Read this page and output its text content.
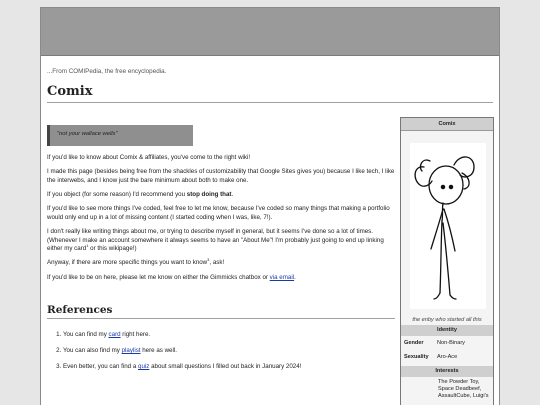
...From COMIPedia, the free encyclopedia.
Comix
"not your wallace wells"

If you'd like to know about Comix & affiliates, you've come to the right wiki!

I made this page (besides being free from the shackles of customizability that Google Sites gives you) because I like tech, I like the interwebs, and I know just the bare minimum about both to make one.

If you object (for some reason) I'd recommend you stop doing that.

If you'd like to see more things I've coded, feel free to let me know, because I've coded so many things that making a portfolio would only end up in a lot of missing content (I started coding when I was, like, 7!).

I don't really like writing things about me, or trying to describe myself in general, but it seems I've done so a lot of times. (Whenever I make an account somewhere it always seems to have an "About Me"! I'm probably just going to end up linking either my card$^1$ or this wikipage!)

Anyway, if there are more specific things you want to know$^3$, ask!

If you'd like to be on here, please let me know on either the Gimmicks chatbox or via email.

References
1. You can find my card right here.
2. You can also find my playlist here as well.
3. Even better, you can find a quiz about small questions I filled out back in January 2024!
Comix
the enby who started all this
Identity
Gender	Non-Binary
Sexuality	Aro-Ace
Interests
The Powder Toy,
Space Deadbeef,
AssaultCube, Luigi's
